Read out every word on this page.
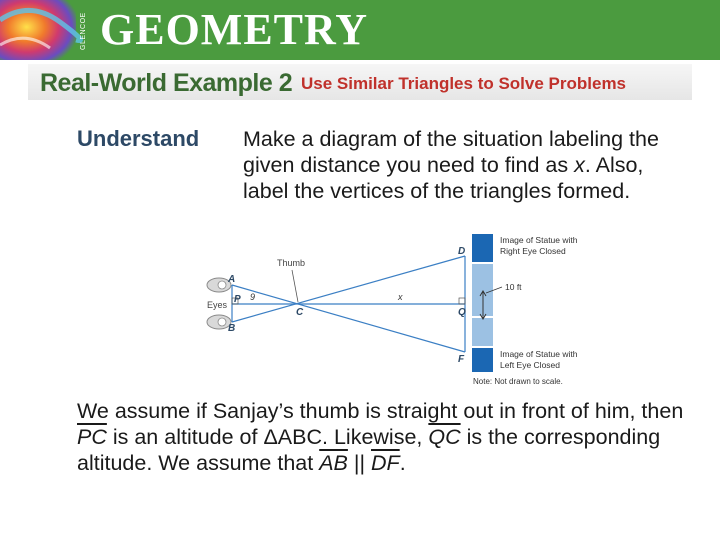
GLENCOE GEOMETRY
Real-World Example 2 Use Similar Triangles to Solve Problems
Understand Make a diagram of the situation labeling the given distance you need to find as x. Also, label the vertices of the triangles formed.

Thumb
Eyes
A
B
P
C
D
Q
F
9	x
10 ft
Image of Statue with
Right Eye Closed
Image of Statue with
Left Eye Closed
Note: Not drawn to scale.

We assume if Sanjay’s thumb is straight out in front of him, then $\overline{PC}$ is an altitude of ΔABC. Likewise, $\overline{QC}$ is the corresponding altitude. We assume that $\overline{AB}$ || $\overline{DF}$.
